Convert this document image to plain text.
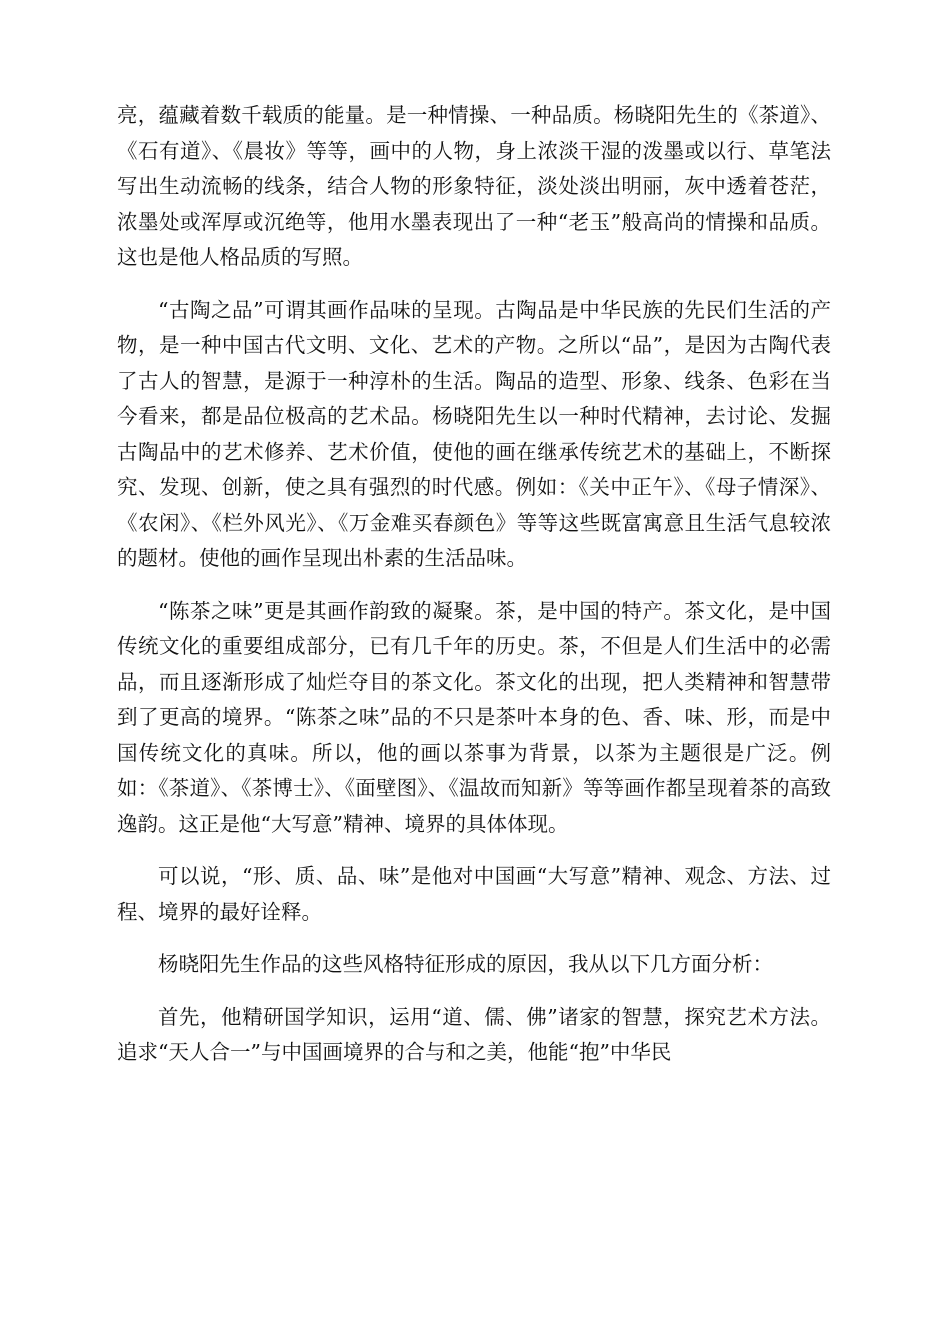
亮，蕴藏着数千载质的能量。是一种情操、一种品质。杨晓阳先生的《茶道》、《石有道》、《晨妆》等等，画中的人物，身上浓淡干湿的泼墨或以行、草笔法写出生动流畅的线条，结合人物的形象特征，淡处淡出明丽，灰中透着苍茫，浓墨处或浑厚或沉绝等，他用水墨表现出了一种“老玉”般高尚的情操和品质。这也是他人格品质的写照。

“古陶之品”可谓其画作品味的呈现。古陶品是中华民族的先民们生活的产物，是一种中国古代文明、文化、艺术的产物。之所以“品”，是因为古陶代表了古人的智慧，是源于一种淳朴的生活。陶品的造型、形象、线条、色彩在当今看来，都是品位极高的艺术品。杨晓阳先生以一种时代精神，去讨论、发掘古陶品中的艺术修养、艺术价值，使他的画在继承传统艺术的基础上，不断探究、发现、创新，使之具有强烈的时代感。例如：《关中正午》、《母子情深》、《农闲》、《栏外风光》、《万金难买春颜色》等等这些既富寓意且生活气息较浓的题材。使他的画作呈现出朴素的生活品味。

“陈茶之味”更是其画作韵致的凝聚。茶，是中国的特产。茶文化，是中国传统文化的重要组成部分，已有几千年的历史。茶，不但是人们生活中的必需品，而且逐渐形成了灿烂夺目的茶文化。茶文化的出现，把人类精神和智慧带到了更高的境界。“陈茶之味”品的不只是茶叶本身的色、香、味、形，而是中国传统文化的真味。所以，他的画以茶事为背景，以茶为主题很是广泛。例如：《茶道》、《茶博士》、《面壁图》、《温故而知新》等等画作都呈现着茶的高致逸韵。这正是他“大写意”精神、境界的具体体现。

可以说，“形、质、品、味”是他对中国画“大写意”精神、观念、方法、过程、境界的最好诠释。

杨晓阳先生作品的这些风格特征形成的原因，我从以下几方面分析：

首先，他精研国学知识，运用“道、儒、佛”诸家的智慧，探究艺术方法。追求“天人合一”与中国画境界的合与和之美，他能“抱”中华民
